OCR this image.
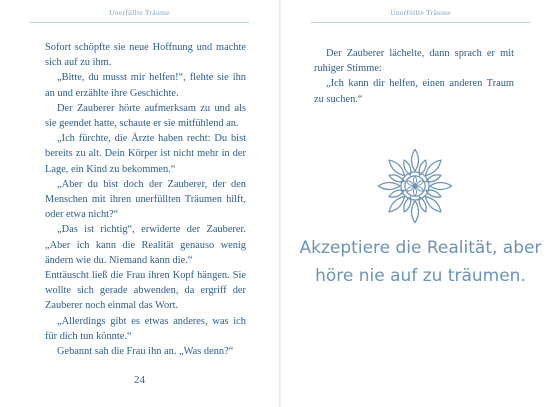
Unerfüllte Träume

Sofort schöpfte sie neue Hoffnung und machte sich auf zu ihm.

„Bitte, du musst mir helfen!“, flehte sie ihn an und erzählte ihre Geschichte.

Der Zauberer hörte aufmerksam zu und als sie geendet hatte, schaute er sie mitfühlend an.

„Ich fürchte, die Ärzte haben recht: Du bist bereits zu alt. Dein Körper ist nicht mehr in der Lage, ein Kind zu bekommen.“

„Aber du bist doch der Zauberer, der den Menschen mit ihren unerfüllten Träumen hilft, oder etwa nicht?“

„Das ist richtig“, erwiderte der Zauberer. „Aber ich kann die Realität genauso wenig ändern wie du. Niemand kann die.“

Enttäuscht ließ die Frau ihren Kopf hängen. Sie wollte sich gerade abwenden, da ergriff der Zauberer noch einmal das Wort.

„Allerdings gibt es etwas anderes, was ich für dich tun könnte.“

Gebannt sah die Frau ihn an. „Was denn?“

24
Unerfüllte Träume

Der Zauberer lächelte, dann sprach er mit ruhiger Stimme:

„Ich kann dir helfen, einen anderen Traum zu suchen.“

Akzeptiere die Realität, aber
höre nie auf zu träumen.
